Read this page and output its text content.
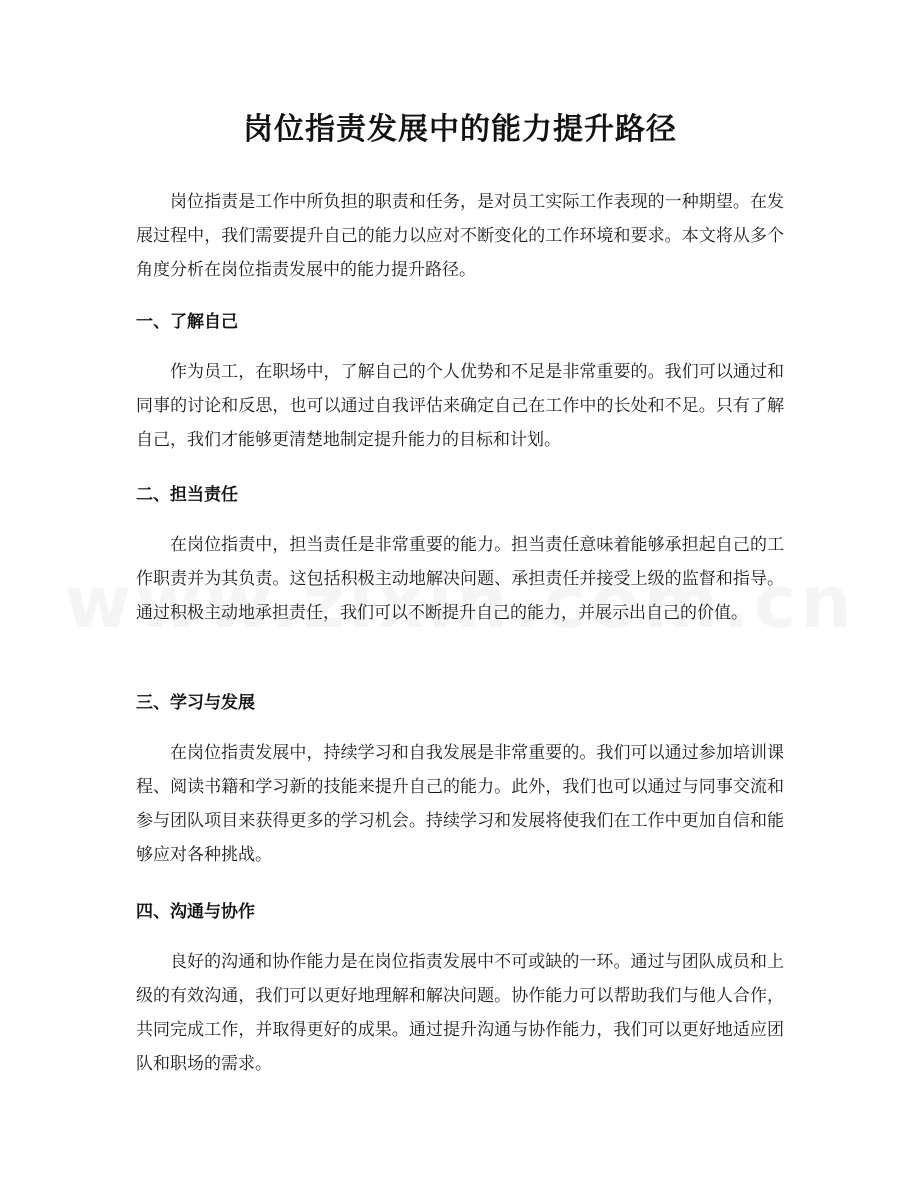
岗位指责发展中的能力提升路径

岗位指责是工作中所负担的职责和任务，是对员工实际工作表现的一种期望。在发展过程中，我们需要提升自己的能力以应对不断变化的工作环境和要求。本文将从多个角度分析在岗位指责发展中的能力提升路径。

一、了解自己

作为员工，在职场中，了解自己的个人优势和不足是非常重要的。我们可以通过和同事的讨论和反思，也可以通过自我评估来确定自己在工作中的长处和不足。只有了解自己，我们才能够更清楚地制定提升能力的目标和计划。

二、担当责任

在岗位指责中，担当责任是非常重要的能力。担当责任意味着能够承担起自己的工作职责并为其负责。这包括积极主动地解决问题、承担责任并接受上级的监督和指导。通过积极主动地承担责任，我们可以不断提升自己的能力，并展示出自己的价值。

三、学习与发展

在岗位指责发展中，持续学习和自我发展是非常重要的。我们可以通过参加培训课程、阅读书籍和学习新的技能来提升自己的能力。此外，我们也可以通过与同事交流和参与团队项目来获得更多的学习机会。持续学习和发展将使我们在工作中更加自信和能够应对各种挑战。

四、沟通与协作

良好的沟通和协作能力是在岗位指责发展中不可或缺的一环。通过与团队成员和上级的有效沟通，我们可以更好地理解和解决问题。协作能力可以帮助我们与他人合作，共同完成工作，并取得更好的成果。通过提升沟通与协作能力，我们可以更好地适应团队和职场的需求。
